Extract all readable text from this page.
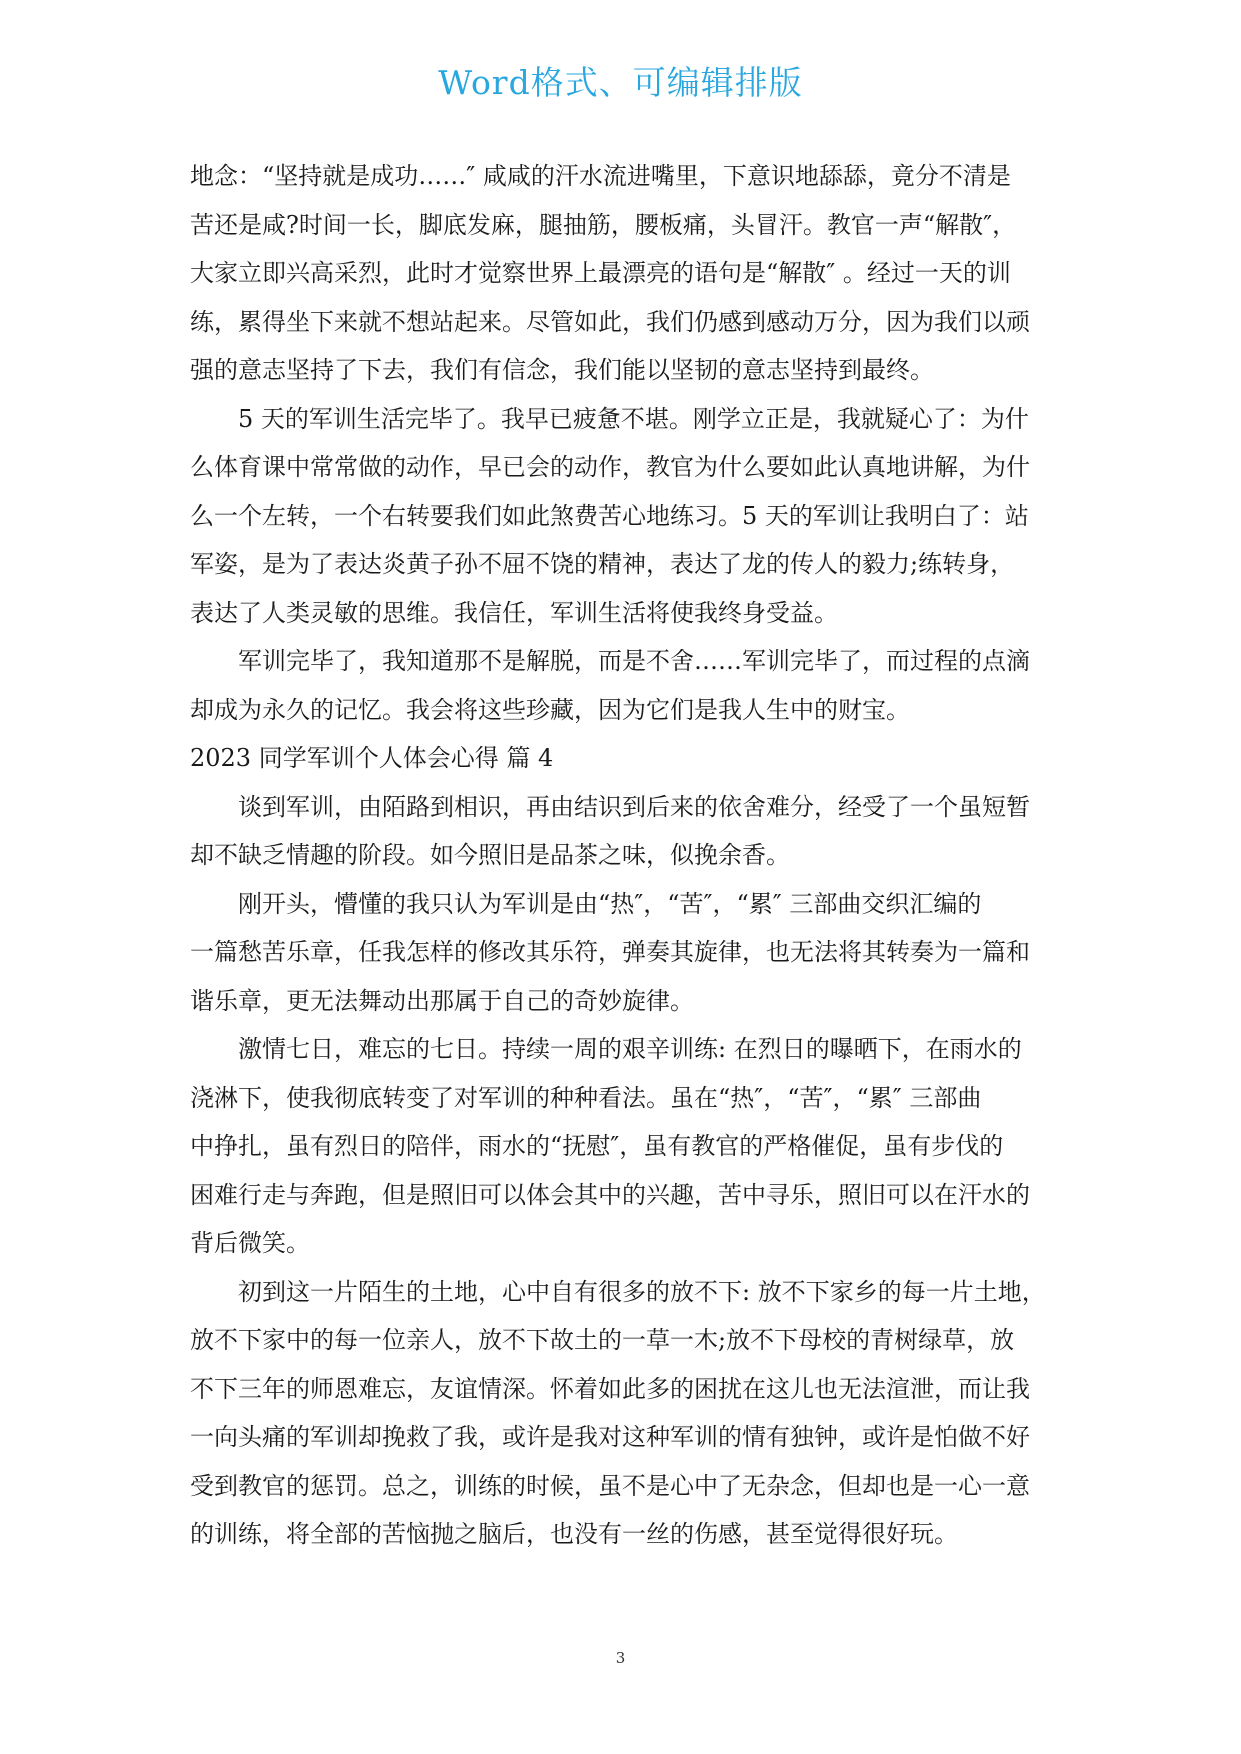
Word格式、可编辑排版
地念：“坚持就是成功……″ 咸咸的汗水流进嘴里，下意识地舔舔，竟分不清是
苦还是咸?时间一长，脚底发麻，腿抽筋，腰板痛，头冒汗。教官一声“解散″，
大家立即兴高采烈，此时才觉察世界上最漂亮的语句是“解散″ 。经过一天的训
练，累得坐下来就不想站起来。尽管如此，我们仍感到感动万分，因为我们以顽
强的意志坚持了下去，我们有信念，我们能以坚韧的意志坚持到最终。
5 天的军训生活完毕了。我早已疲惫不堪。刚学立正是，我就疑心了：为什
么体育课中常常做的动作，早已会的动作，教官为什么要如此认真地讲解，为什
么一个左转，一个右转要我们如此煞费苦心地练习。5 天的军训让我明白了：站
军姿，是为了表达炎黄子孙不屈不饶的精神，表达了龙的传人的毅力;练转身，
表达了人类灵敏的思维。我信任，军训生活将使我终身受益。
军训完毕了，我知道那不是解脱，而是不舍……军训完毕了，而过程的点滴
却成为永久的记忆。我会将这些珍藏，因为它们是我人生中的财宝。
2023 同学军训个人体会心得 篇 4
谈到军训，由陌路到相识，再由结识到后来的依舍难分，经受了一个虽短暂
却不缺乏情趣的阶段。如今照旧是品茶之味，似挽余香。
刚开头，懵懂的我只认为军训是由“热″，“苦″，“累″ 三部曲交织汇编的
一篇愁苦乐章，任我怎样的修改其乐符，弹奏其旋律，也无法将其转奏为一篇和
谐乐章，更无法舞动出那属于自己的奇妙旋律。
激情七日，难忘的七日。持续一周的艰辛训练: 在烈日的曝晒下，在雨水的
浇淋下，使我彻底转变了对军训的种种看法。虽在“热″，“苦″，“累″ 三部曲
中挣扎，虽有烈日的陪伴，雨水的“抚慰″，虽有教官的严格催促，虽有步伐的
困难行走与奔跑，但是照旧可以体会其中的兴趣，苦中寻乐，照旧可以在汗水的
背后微笑。
初到这一片陌生的土地，心中自有很多的放不下: 放不下家乡的每一片土地，
放不下家中的每一位亲人，放不下故土的一草一木;放不下母校的青树绿草，放
不下三年的师恩难忘，友谊情深。怀着如此多的困扰在这儿也无法渲泄，而让我
一向头痛的军训却挽救了我，或许是我对这种军训的情有独钟，或许是怕做不好
受到教官的惩罚。总之，训练的时候，虽不是心中了无杂念，但却也是一心一意
的训练，将全部的苦恼抛之脑后，也没有一丝的伤感，甚至觉得很好玩。
3
